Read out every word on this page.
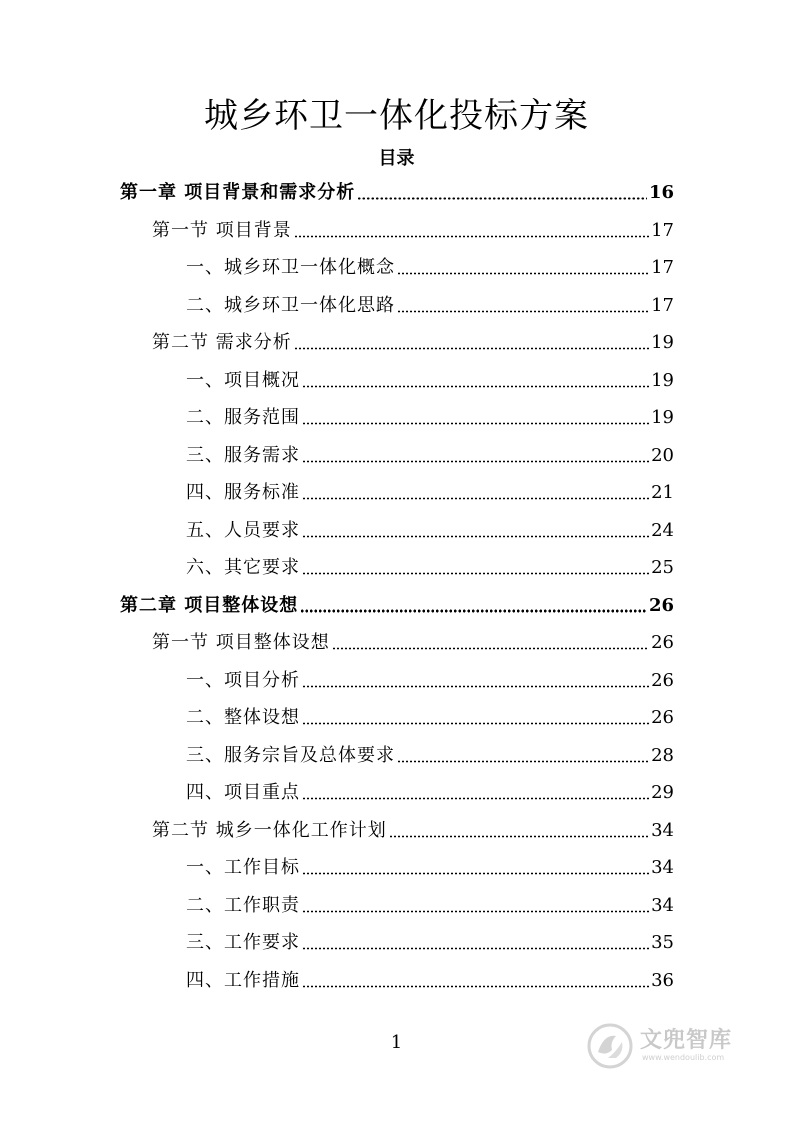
城乡环卫一体化投标方案
目录
第一章 项目背景和需求分析	16
第一节 项目背景	17
一、城乡环卫一体化概念	17
二、城乡环卫一体化思路	17
第二节 需求分析	19
一、项目概况	19
二、服务范围	19
三、服务需求	20
四、服务标准	21
五、人员要求	24
六、其它要求	25
第二章 项目整体设想	26
第一节 项目整体设想	26
一、项目分析	26
二、整体设想	26
三、服务宗旨及总体要求	28
四、项目重点	29
第二节 城乡一体化工作计划	34
一、工作目标	34
二、工作职责	34
三、工作要求	35
四、工作措施	36

1	文兜智库
www.wendoulib.com
